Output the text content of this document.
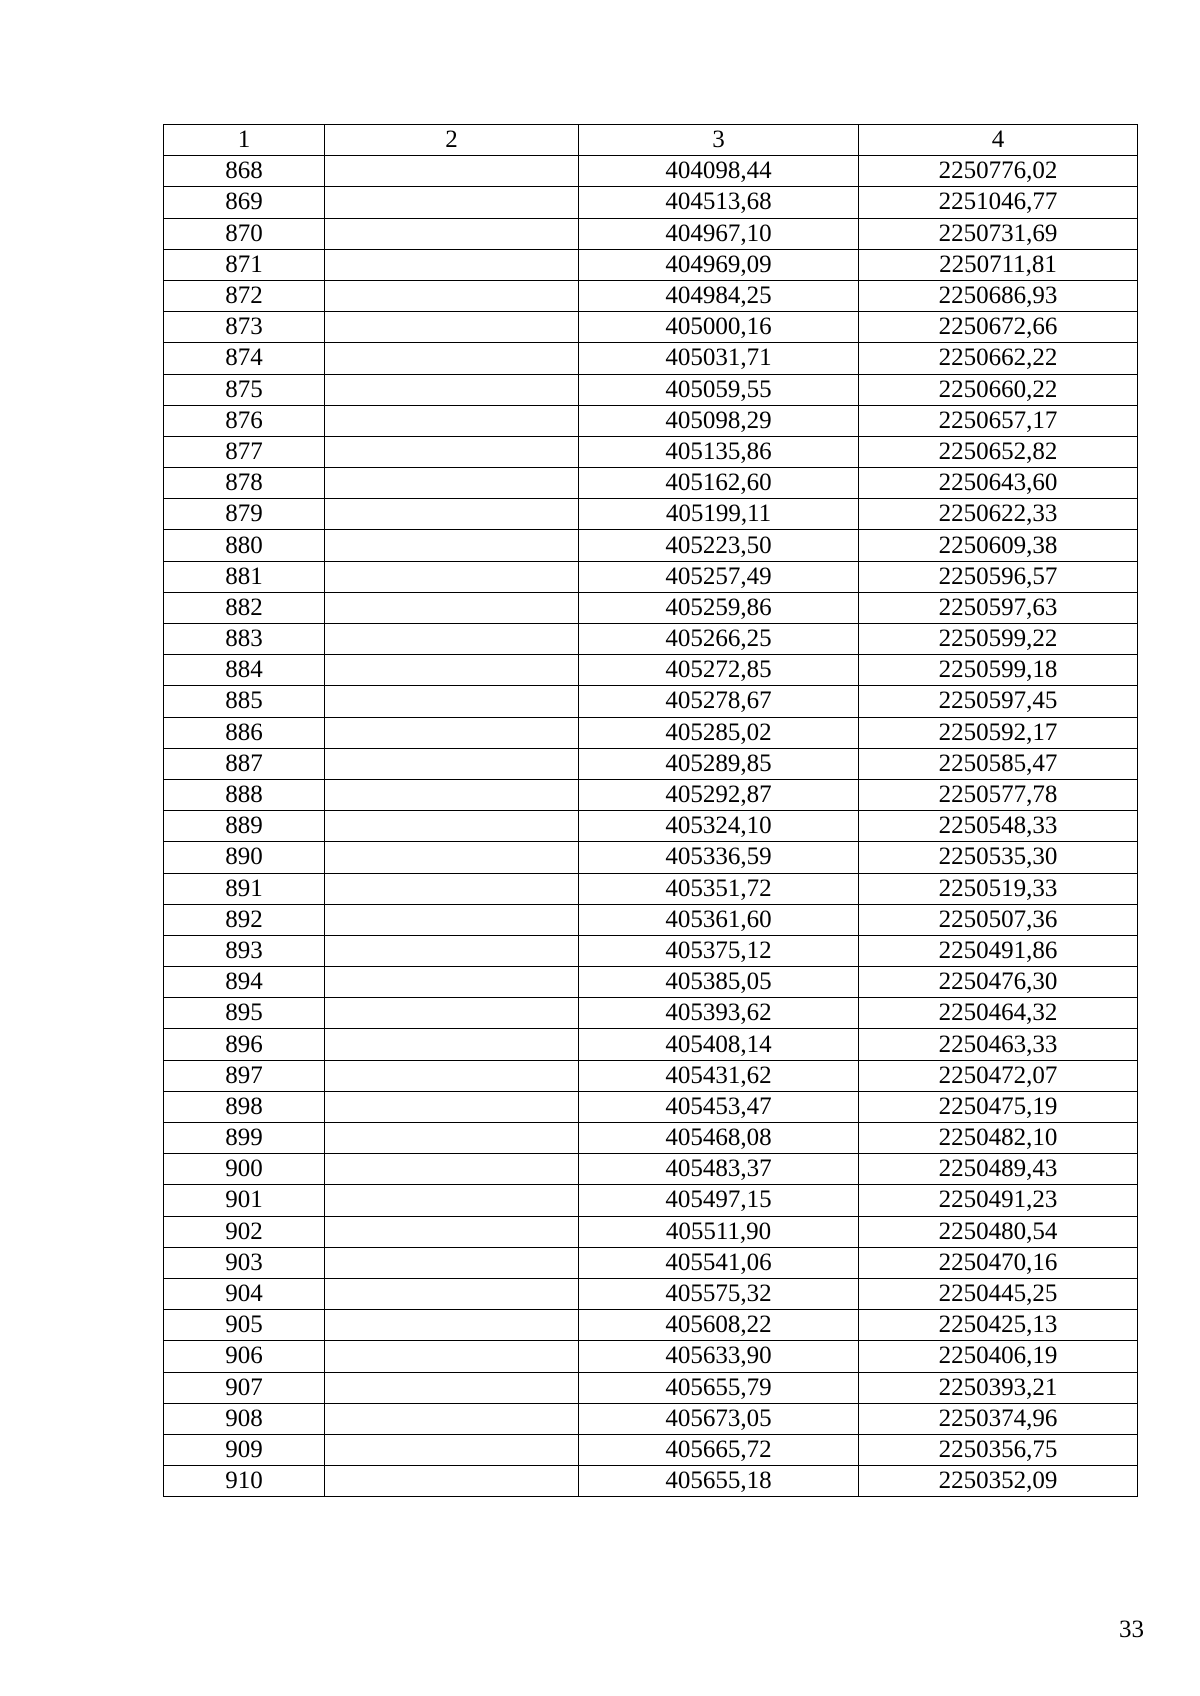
1	2	3	4
868		404098,44	2250776,02
869		404513,68	2251046,77
870		404967,10	2250731,69
871		404969,09	2250711,81
872		404984,25	2250686,93
873		405000,16	2250672,66
874		405031,71	2250662,22
875		405059,55	2250660,22
876		405098,29	2250657,17
877		405135,86	2250652,82
878		405162,60	2250643,60
879		405199,11	2250622,33
880		405223,50	2250609,38
881		405257,49	2250596,57
882		405259,86	2250597,63
883		405266,25	2250599,22
884		405272,85	2250599,18
885		405278,67	2250597,45
886		405285,02	2250592,17
887		405289,85	2250585,47
888		405292,87	2250577,78
889		405324,10	2250548,33
890		405336,59	2250535,30
891		405351,72	2250519,33
892		405361,60	2250507,36
893		405375,12	2250491,86
894		405385,05	2250476,30
895		405393,62	2250464,32
896		405408,14	2250463,33
897		405431,62	2250472,07
898		405453,47	2250475,19
899		405468,08	2250482,10
900		405483,37	2250489,43
901		405497,15	2250491,23
902		405511,90	2250480,54
903		405541,06	2250470,16
904		405575,32	2250445,25
905		405608,22	2250425,13
906		405633,90	2250406,19
907		405655,79	2250393,21
908		405673,05	2250374,96
909		405665,72	2250356,75
910		405655,18	2250352,09
33
